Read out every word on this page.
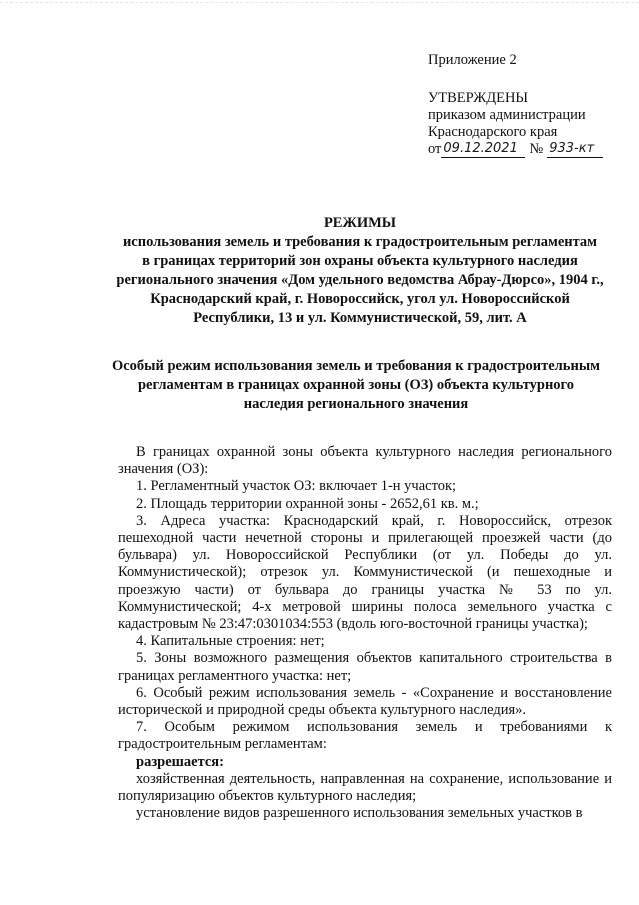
Приложение 2
УТВЕРЖДЕНЫ
приказом администрации
Краснодарского края
от 09.12.2021 № 933-кт
РЕЖИМЫ
использования земель и требования к градостроительным регламентам
в границах территорий зон охраны объекта культурного наследия
регионального значения «Дом удельного ведомства Абрау-Дюрсо», 1904 г.,
Краснодарский край, г. Новороссийск, угол ул. Новороссийской
Республики, 13 и ул. Коммунистической, 59, лит. А
Особый режим использования земель и требования к градостроительным
регламентам в границах охранной зоны (ОЗ) объекта культурного
наследия регионального значения

В границах охранной зоны объекта культурного наследия регионального значения (ОЗ):

1. Регламентный участок ОЗ: включает 1-н участок;

2. Площадь территории охранной зоны - 2652,61 кв. м.;

3. Адреса участка: Краснодарский край, г. Новороссийск, отрезок пешеходной части нечетной стороны и прилегающей проезжей части (до бульвара) ул. Новороссийской Республики (от ул. Победы до ул. Коммунистической); отрезок ул. Коммунистической (и пешеходные и проезжую части) от бульвара до границы участка № 53 по ул. Коммунистической; 4-х метровой ширины полоса земельного участка с кадастровым № 23:47:0301034:553 (вдоль юго-восточной границы участка);

4. Капитальные строения: нет;

5. Зоны возможного размещения объектов капитального строительства в границах регламентного участка: нет;

6. Особый режим использования земель - «Сохранение и восстановление исторической и природной среды объекта культурного наследия».

7. Особым режимом использования земель и требованиями к градостроительным регламентам:

разрешается:

хозяйственная деятельность, направленная на сохранение, использование и популяризацию объектов культурного наследия;

установление видов разрешенного использования земельных участков в
